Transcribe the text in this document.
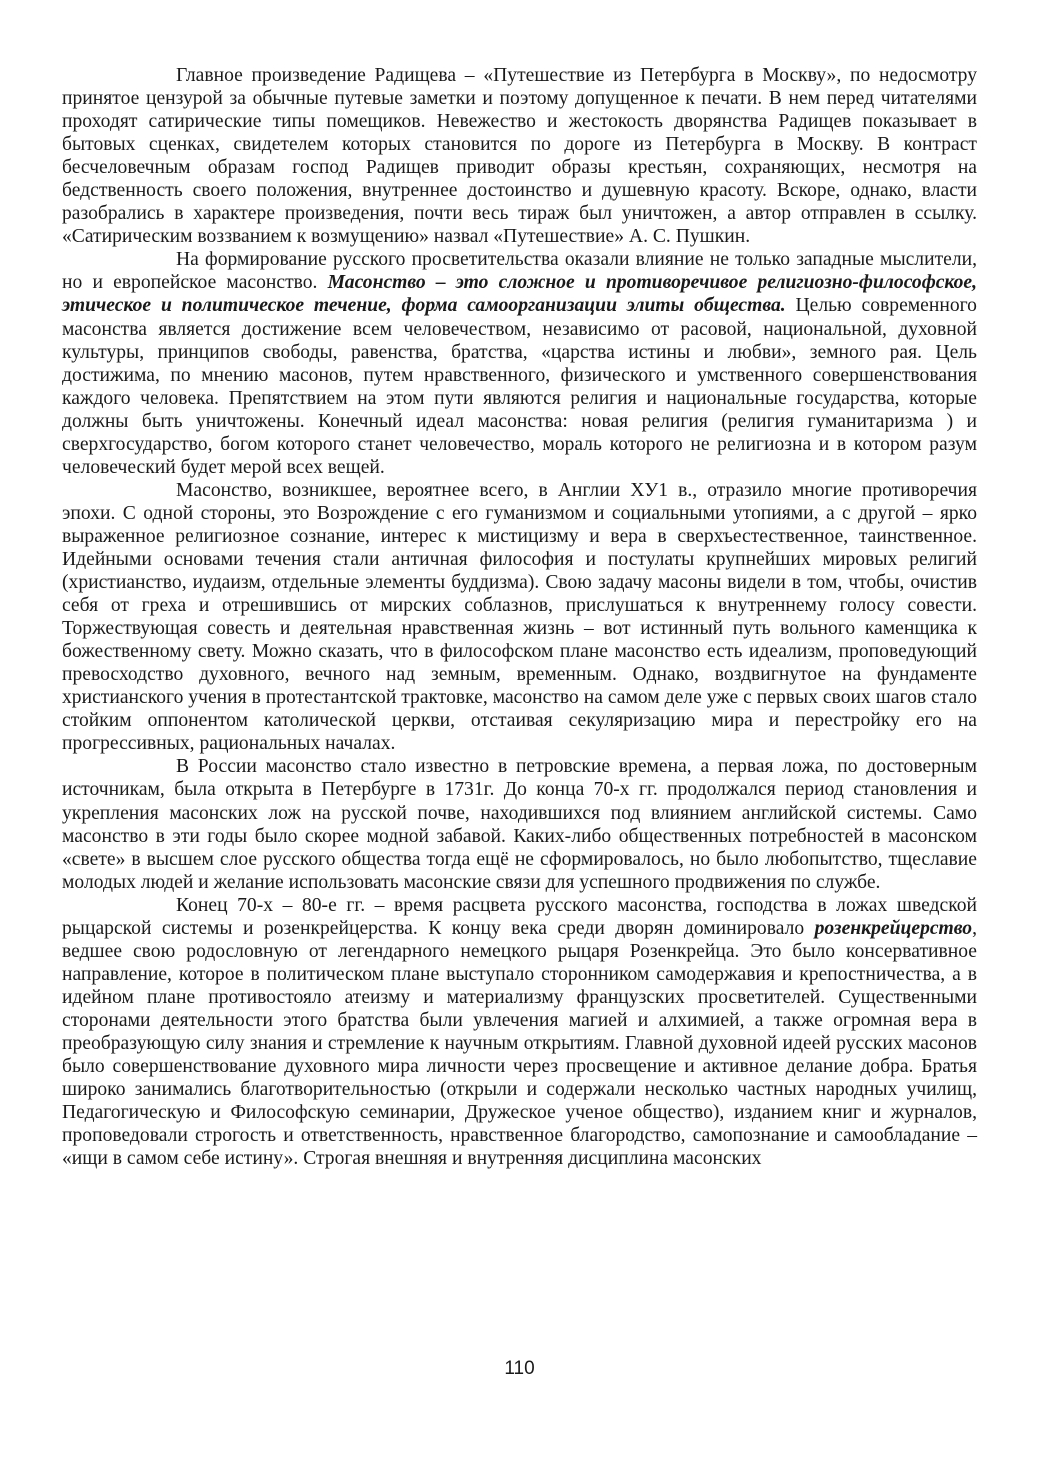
Главное произведение Радищева – «Путешествие из Петербурга в Москву», по недосмотру принятое цензурой за обычные путевые заметки и поэтому допущенное к печати. В нем перед читателями проходят сатирические типы помещиков. Невежество и жестокость дворянства Радищев показывает в бытовых сценках, свидетелем которых становится по дороге из Петербурга в Москву. В контраст бесчеловечным образам господ Радищев приводит образы крестьян, сохраняющих, несмотря на бедственность своего положения, внутреннее достоинство и душевную красоту. Вскоре, однако, власти разобрались в характере произведения, почти весь тираж был уничтожен, а автор отправлен в ссылку. «Сатирическим воззванием к возмущению» назвал «Путешествие» А. С. Пушкин.

На формирование русского просветительства оказали влияние не только западные мыслители, но и европейское масонство. Масонство – это сложное и противоречивое религиозно-философское, этическое и политическое течение, форма самоорганизации элиты общества. Целью современного масонства является достижение всем человечеством, независимо от расовой, национальной, духовной культуры, принципов свободы, равенства, братства, «царства истины и любви», земного рая. Цель достижима, по мнению масонов, путем нравственного, физического и умственного совершенствования каждого человека. Препятствием на этом пути являются религия и национальные государства, которые должны быть уничтожены. Конечный идеал масонства: новая религия (религия гуманитаризма ) и сверхгосударство, богом которого станет человечество, мораль которого не религиозна и в котором разум человеческий будет мерой всех вещей.

Масонство, возникшее, вероятнее всего, в Англии ХУ1 в., отразило многие противоречия эпохи. С одной стороны, это Возрождение с его гуманизмом и социальными утопиями, а с другой – ярко выраженное религиозное сознание, интерес к мистицизму и вера в сверхъестественное, таинственное. Идейными основами течения стали античная философия и постулаты крупнейших мировых религий (христианство, иудаизм, отдельные элементы буддизма). Свою задачу масоны видели в том, чтобы, очистив себя от греха и отрешившись от мирских соблазнов, прислушаться к внутреннему голосу совести. Торжествующая совесть и деятельная нравственная жизнь – вот истинный путь вольного каменщика к божественному свету. Можно сказать, что в философском плане масонство есть идеализм, проповедующий превосходство духовного, вечного над земным, временным. Однако, воздвигнутое на фундаменте христианского учения в протестантской трактовке, масонство на самом деле уже с первых своих шагов стало стойким оппонентом католической церкви, отстаивая секуляризацию мира и перестройку его на прогрессивных, рациональных началах.

В России масонство стало известно в петровские времена, а первая ложа, по достоверным источникам, была открыта в Петербурге в 1731г. До конца 70-х гг. продолжался период становления и укрепления масонских лож на русской почве, находившихся под влиянием английской системы. Само масонство в эти годы было скорее модной забавой. Каких-либо общественных потребностей в масонском «свете» в высшем слое русского общества тогда ещё не сформировалось, но было любопытство, тщеславие молодых людей и желание использовать масонские связи для успешного продвижения по службе.

Конец 70-х – 80-е гг. – время расцвета русского масонства, господства в ложах шведской рыцарской системы и розенкрейцерства. К концу века среди дворян доминировало розенкрейцерство, ведшее свою родословную от легендарного немецкого рыцаря Розенкрейца. Это было консервативное направление, которое в политическом плане выступало сторонником самодержавия и крепостничества, а в идейном плане противостояло атеизму и материализму французских просветителей. Существенными сторонами деятельности этого братства были увлечения магией и алхимией, а также огромная вера в преобразующую силу знания и стремление к научным открытиям. Главной духовной идеей русских масонов было совершенствование духовного мира личности через просвещение и активное делание добра. Братья широко занимались благотворительностью (открыли и содержали несколько частных народных училищ, Педагогическую и Философскую семинарии, Дружеское ученое общество), изданием книг и журналов, проповедовали строгость и ответственность, нравственное благородство, самопознание и самообладание – «ищи в самом себе истину». Строгая внешняя и внутренняя дисциплина масонских

110
